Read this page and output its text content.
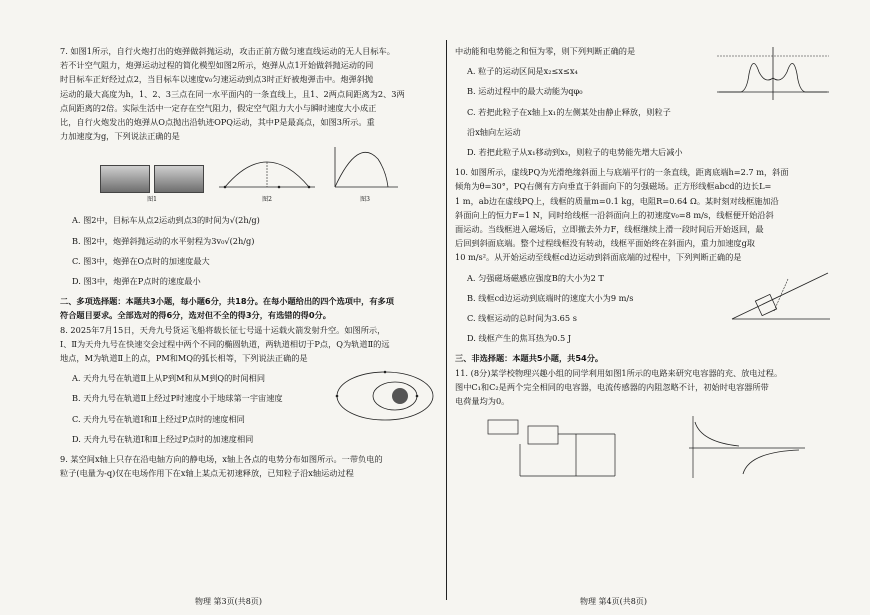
7. 如图1所示，自行火炮打出的炮弹做斜抛运动，攻击正前方做匀速直线运动的无人目标车。

若不计空气阻力，炮弹运动过程的简化模型如图2所示，炮弹从点1开始做斜抛运动的同

时目标车正好经过点2，当目标车以速度v₀匀速运动到点3时正好被炮弹击中。炮弹斜抛

运动的最大高度为h，1、2、3三点在同一水平面内的一条直线上，且1、2两点间距离为2、3两

点间距离的2倍。实际生活中一定存在空气阻力，假定空气阻力大小与瞬时速度大小成正

比，自行火炮发出的炮弹从O点抛出沿轨迹OPQ运动，其中P是最高点，如图3所示。重

力加速度为g，下列说法正确的是

图1	图2	图3

A. 图2中，目标车从点2运动到点3的时间为√(2h/g)

B. 图2中，炮弹斜抛运动的水平射程为3v₀√(2h/g)

C. 图3中，炮弹在O点时的加速度最大

D. 图3中，炮弹在P点时的速度最小

二、多项选择题：本题共3小题，每小题6分，共18分。在每小题给出的四个选项中，有多项

符合题目要求。全部选对的得6分，选对但不全的得3分，有选错的得0分。

8. 2025年7月15日，天舟九号货运飞船将载长征七号遥十运载火箭发射升空。如图所示，

Ⅰ、Ⅱ为天舟九号在快速交会过程中两个不同的椭圆轨道，两轨道相切于P点，Q为轨道Ⅱ的远

地点，M为轨道Ⅱ上的点，PM和MQ的弧长相等，下列说法正确的是

A. 天舟九号在轨道Ⅱ上从P到M和从M到Q的时间相同

B. 天舟九号在轨道Ⅱ上经过P时速度小于地球第一宇宙速度

C. 天舟九号在轨道Ⅰ和Ⅱ上经过P点时的速度相同

D. 天舟九号在轨道Ⅰ和Ⅱ上经过P点时的加速度相同

9. 某空间x轴上只存在沿电轴方向的静电场，x轴上各点的电势分布如图所示。一带负电的

粒子(电量为-q)仅在电场作用下在x轴上某点无初速释放，已知粒子沿x轴运动过程

中动能和电势能之和恒为零，则下列判断正确的是

A. 粒子的运动区间是x₂≤x≤x₄

B. 运动过程中的最大动能为qφ₀

C. 若把此粒子在x轴上x₁的左侧某处由静止释放，则粒子

沿x轴向左运动

D. 若把此粒子从x₁移动到x₃，则粒子的电势能先增大后减小

10. 如图所示，虚线PQ为光滑绝缘斜面上与底端平行的一条直线，距离底端h=2.7 m，斜面

倾角为θ=30°，PQ右侧有方向垂直于斜面向下的匀强磁场。正方形线框abcd的边长L=

1 m，ab边在虚线PQ上，线框的质量m=0.1 kg，电阻R=0.64 Ω。某时刻对线框施加沿

斜面向上的恒力F=1 N，同时给线框一沿斜面向上的初速度v₀=8 m/s，线框便开始沿斜

面运动。当线框进入磁场后，立即撤去外力F，线框继续上滑一段时间后开始返回，最

后回到斜面底端。整个过程线框没有转动，线框平面始终在斜面内，重力加速度g取

10 m/s²。从开始运动至线框cd边运动到斜面底端的过程中，下列判断正确的是

A. 匀强磁场磁感应强度B的大小为2 T

B. 线框cd边运动到底端时的速度大小为9 m/s

C. 线框运动的总时间为3.65 s

D. 线框产生的焦耳热为0.5 J

三、非选择题：本题共5小题，共54分。

11. (8分)某学校物理兴趣小组的同学利用如图1所示的电路来研究电容器的充、放电过程。

图中C₁和C₂是两个完全相同的电容器，电流传感器的内阻忽略不计，初始时电容器所带

电荷量均为0。

物理 第3页(共8页)	物理 第4页(共8页)
